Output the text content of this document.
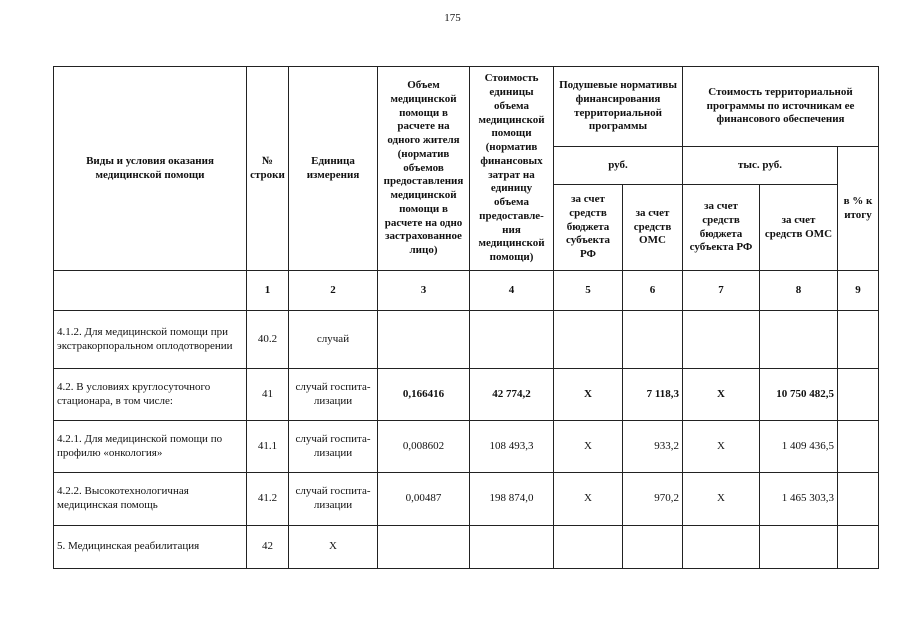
175
Виды и условия оказания медицинской помощи	№ строки	Единица измерения	Объем медицинской помощи в расчете на одного жителя (норматив объемов предоставления медицинской помощи в расчете на одно застрахованное лицо)	Стоимость единицы объема медицинской помощи (норматив финансовых затрат на единицу объема предоставле-ния медицинской помощи)	Подушевые нормативы финансирования территориальной программы		Стоимость территориальной программы по источникам ее финансового обеспечения		
					руб.		тыс. руб.		в % к итогу
					за счет средств бюджета субъекта РФ	за счет средств ОМС	за счет средств бюджета субъекта РФ	за счет средств ОМС	
	1	2	3	4	5	6	7	8	9
4.1.2. Для медицинской помощи при экстракорпоральном оплодотворении	40.2	случай							
4.2. В условиях круглосуточного стационара, в том числе:	41	случай госпита-лизации	0,166416	42 774,2	Х	7 118,3	Х	10 750 482,5	
4.2.1. Для медицинской помощи по профилю «онкология»	41.1	случай госпита-лизации	0,008602	108 493,3	Х	933,2	Х	1 409 436,5	
4.2.2. Высокотехнологичная медицинская помощь	41.2	случай госпита-лизации	0,00487	198 874,0	Х	970,2	Х	1 465 303,3	
5. Медицинская реабилитация	42	Х							
